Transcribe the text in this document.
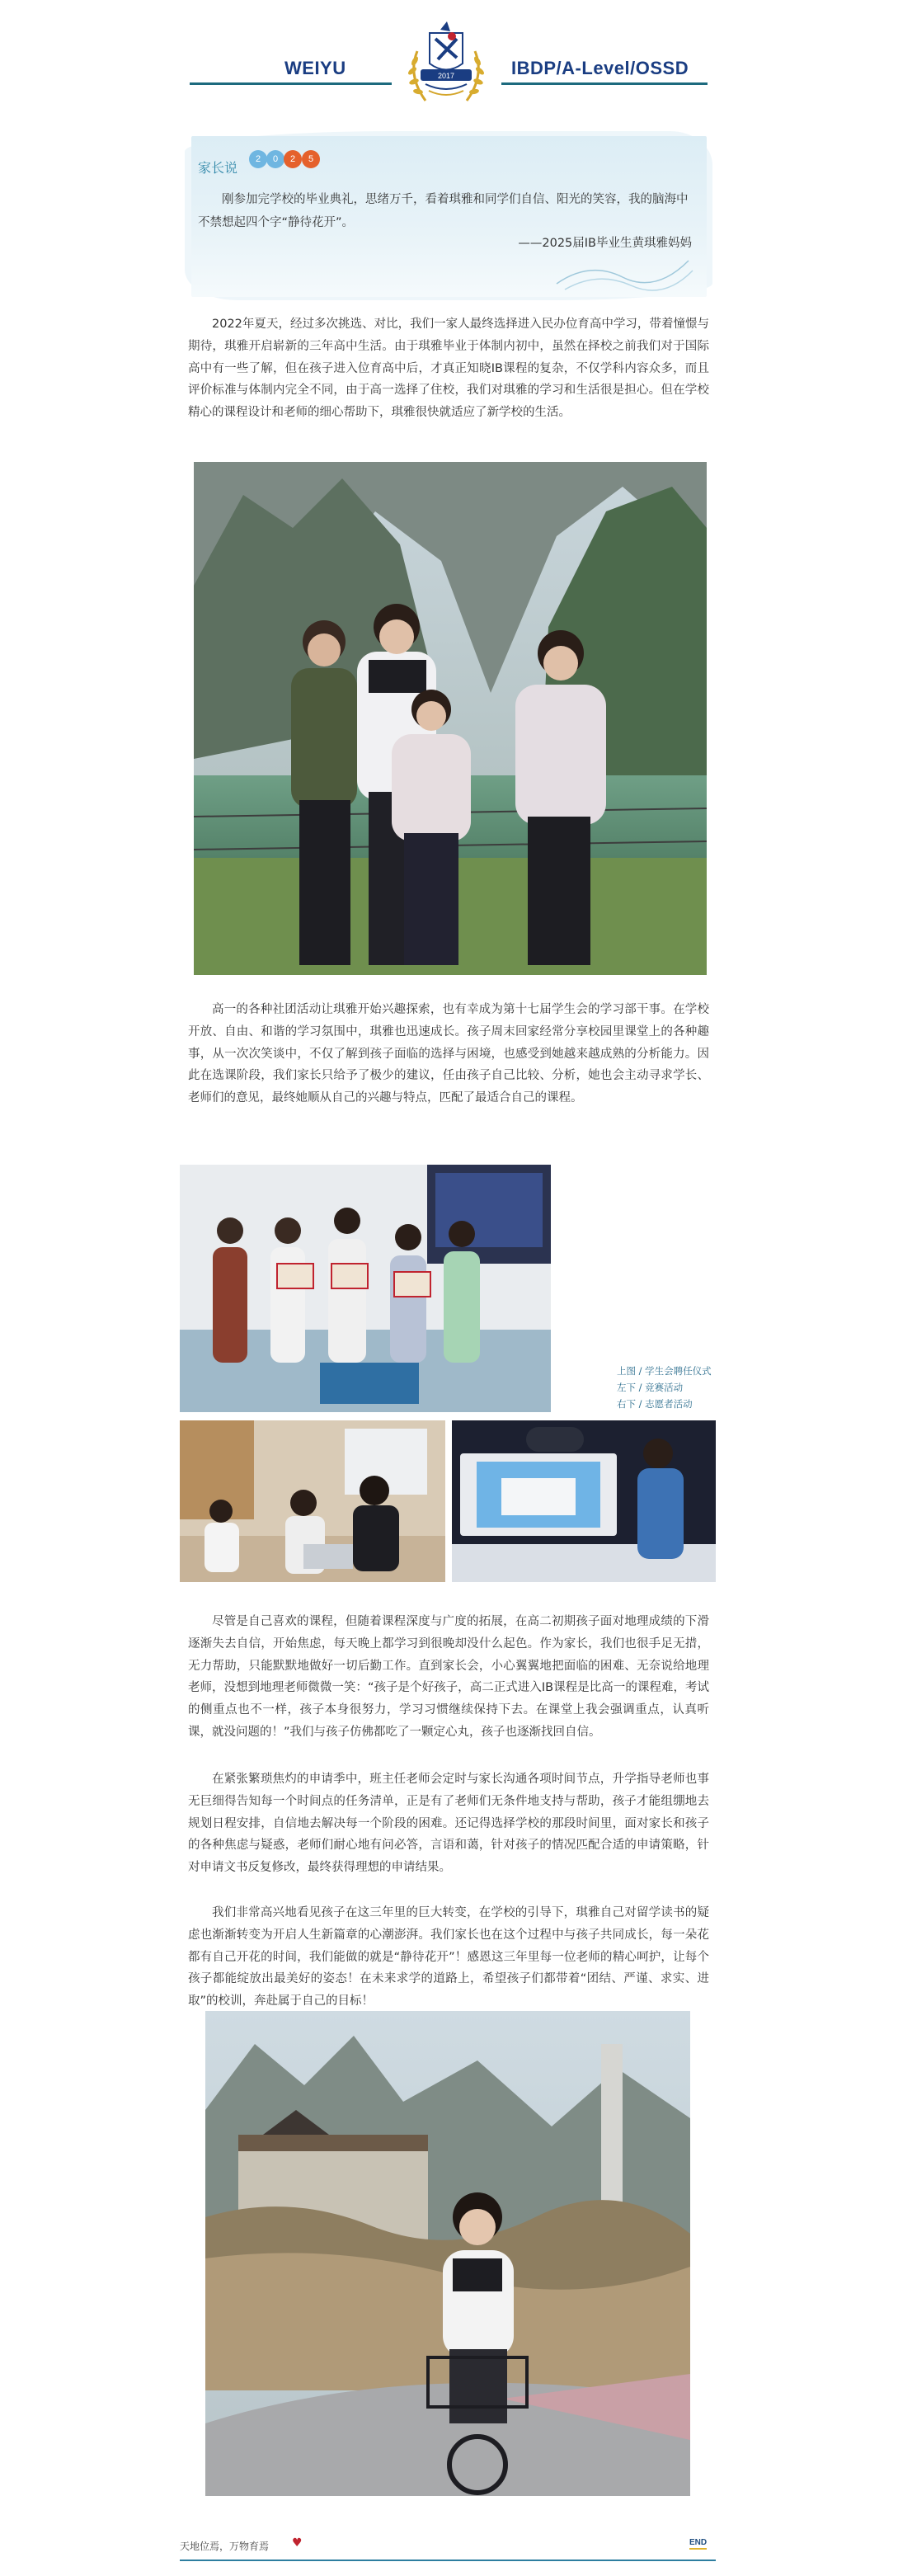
WEIYU	IBDP/A-Level/OSSD
2017
家长说
2	0	2	5
刚参加完学校的毕业典礼，思绪万千，看着琪雅和同学们自信、阳光的笑容，我的脑海中不禁想起四个字“静待花开”。
——2025届IB毕业生黄琪雅妈妈
2022年夏天，经过多次挑选、对比，我们一家人最终选择进入民办位育高中学习，带着憧憬与期待，琪雅开启崭新的三年高中生活。由于琪雅毕业于体制内初中，虽然在择校之前我们对于国际高中有一些了解，但在孩子进入位育高中后，才真正知晓IB课程的复杂，不仅学科内容众多，而且评价标准与体制内完全不同，由于高一选择了住校，我们对琪雅的学习和生活很是担心。但在学校精心的课程设计和老师的细心帮助下，琪雅很快就适应了新学校的生活。
高一的各种社团活动让琪雅开始兴趣探索，也有幸成为第十七届学生会的学习部干事。在学校开放、自由、和谐的学习氛围中，琪雅也迅速成长。孩子周末回家经常分享校园里课堂上的各种趣事，从一次次笑谈中，不仅了解到孩子面临的选择与困境，也感受到她越来越成熟的分析能力。因此在选课阶段，我们家长只给予了极少的建议，任由孩子自己比较、分析，她也会主动寻求学长、老师们的意见，最终她顺从自己的兴趣与特点，匹配了最适合自己的课程。
上图 / 学生会聘任仪式
左下 / 竞赛活动
右下 / 志愿者活动
尽管是自己喜欢的课程，但随着课程深度与广度的拓展，在高二初期孩子面对地理成绩的下滑逐渐失去自信，开始焦虑，每天晚上都学习到很晚却没什么起色。作为家长，我们也很手足无措，无力帮助，只能默默地做好一切后勤工作。直到家长会，小心翼翼地把面临的困难、无奈说给地理老师，没想到地理老师微微一笑：“孩子是个好孩子，高二正式进入IB课程是比高一的课程难，考试的侧重点也不一样，孩子本身很努力，学习习惯继续保持下去。在课堂上我会强调重点，认真听课，就没问题的！”我们与孩子仿佛都吃了一颗定心丸，孩子也逐渐找回自信。
在紧张繁琐焦灼的申请季中，班主任老师会定时与家长沟通各项时间节点，升学指导老师也事无巨细得告知每一个时间点的任务清单，正是有了老师们无条件地支持与帮助，孩子才能组绷地去规划日程安排，自信地去解决每一个阶段的困难。还记得选择学校的那段时间里，面对家长和孩子的各种焦虑与疑惑，老师们耐心地有问必答，言语和蔼，针对孩子的情况匹配合适的申请策略，针对申请文书反复修改，最终获得理想的申请结果。
我们非常高兴地看见孩子在这三年里的巨大转变，在学校的引导下，琪雅自己对留学读书的疑虑也渐渐转变为开启人生新篇章的心潮澎湃。我们家长也在这个过程中与孩子共同成长，每一朵花都有自己开花的时间，我们能做的就是“静待花开”！感恩这三年里每一位老师的精心呵护，让每个孩子都能绽放出最美好的姿态！在未来求学的道路上，希望孩子们都带着“团结、严谨、求实、进取”的校训，奔赴属于自己的目标！
天地位焉，万物育焉 ♥	END
